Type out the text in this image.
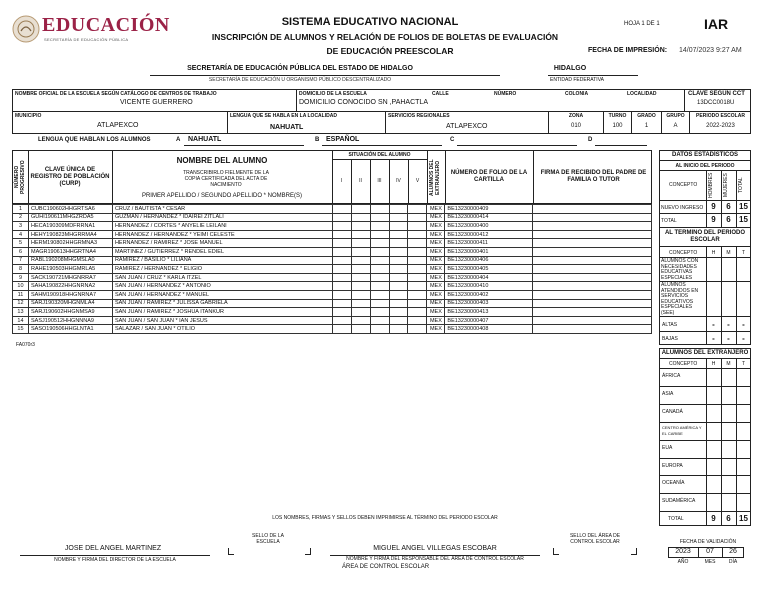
EDUCACIÓN
SECRETARÍA DE EDUCACIÓN PÚBLICA
SISTEMA EDUCATIVO NACIONAL
INSCRIPCIÓN DE ALUMNOS Y RELACIÓN DE FOLIOS DE BOLETAS DE EVALUACIÓN
DE EDUCACIÓN PREESCOLAR
HOJA 1 DE 1	IAR
FECHA DE IMPRESIÓN: 14/07/2023 9:27 AM
SECRETARÍA DE EDUCACIÓN PÚBLICA DEL ESTADO DE HIDALGO
SECRETARÍA DE EDUCACIÓN U ORGANISMO PÚBLICO DESCENTRALIZADO
HIDALGO
ENTIDAD FEDERATIVA
NOMBRE OFICIAL DE LA ESCUELA SEGÚN CATÁLOGO DE CENTROS DE TRABAJO
VICENTE GUERRERO
DOMICILIO DE LA ESCUELA	CALLE	NÚMERO	COLONIA	LOCALIDAD
DOMICILIO CONOCIDO SN ,PAHACTLA
CLAVE SEGÚN CCT
13DCC0018U
MUNICIPIO
ATLAPEXCO
LENGUA QUE SE HABLA EN LA LOCALIDAD
NAHUATL
SERVICIOS REGIONALES
ATLAPEXCO
ZONA
010
TURNO
100
GRADO
1
GRUPO
A
PERIODO ESCOLAR
2022-2023
LENGUA QUE HABLAN LOS ALUMNOS	A NAHUATL	B ESPAÑOL	C	D
NÚMERO PROGRESIVO	CLAVE ÚNICA DE REGISTRO DE POBLACIÓN (CURP)
NOMBRE DEL ALUMNO
TRANSCRIBIRLO FIELMENTE DE LA COPIA CERTIFICADA DEL ACTA DE NACIMIENTO
PRIMER APELLIDO / SEGUNDO APELLIDO * NOMBRE(S)
SITUACIÓN DEL ALUMNO
I	II	III	IV	V	ALUMNOS DEL EXTRANJERO	NÚMERO DE FOLIO DE LA CARTILLA
FIRMA DE RECIBIDO DEL PADRE DE FAMILIA O TUTOR
1	CUBC190602HHGRTSA6	CRUZ / BAUTISTA * CESAR						MEX	BE13230000409	
2	GUHI190611MHGZRDA5	GUZMAN / HERNANDEZ * IDAIREI ZITLALI						MEX	BE13230000414	
3	HECA190309MDFRRNA1	HERNANDEZ / CORTES * ANYELIE LEILANI						MEX	BE13230000400	
4	HEHY190823MHGRRMA4	HERNANDEZ / HERNANDEZ * YEIMI CELESTE						MEX	BE13230000412	
5	HERM190802HHGRMNA3	HERNANDEZ / RAMIREZ * JOSE MANUEL						MEX	BE13230000411	
6	MAGR190613HHGRTNA4	MARTINEZ / GUTIERREZ * RENDEL EDIEL						MEX	BE13230000401	
7	RABL190208MHGMSLA0	RAMIREZ / BASILIO * LILIANA						MEX	BE13230000406	
8	RAHE190503HHGMRLA5	RAMIREZ / HERNANDEZ * ELIGIO						MEX	BE13230000405	
9	SACK190721MHGNRRA7	SAN JUAN / CRUZ * KARLA ITZEL						MEX	BE13230000404	
10	SAHA190822HHGNRNA2	SAN JUAN / HERNANDEZ * ANTONIO						MEX	BE13230000410	
11	SAHM190918HHGNRNA7	SAN JUAN / HERNANDEZ * MANUEL						MEX	BE13230000402	
12	SARJ190320MHGNMLA4	SAN JUAN / RAMIREZ * JULISSA GABRIELA						MEX	BE13230000403	
13	SARJ190602HHGNMSA9	SAN JUAN / RAMIREZ * JOSHUA ITANKUR						MEX	BE13230000413	
14	SASJ190512HHGNNNA9	SAN JUAN / SAN JUAN * IAN JESUS						MEX	BE13230000407	
15	SASO190506HHGLNTA1	SALAZAR / SAN JUAN * OTILIO						MEX	BE13230000408	
FA070r3
DATOS ESTADÍSTICOS
AL INICIO DEL PERIODO
CONCEPTO HOMBRES	MUJERES	TOTAL
NUEVO INGRESO	9	6	15
TOTAL	9	6	15
AL TERMINO DEL PERIODO ESCOLAR
CONCEPTO	H	M	T
ALUMNOS CON NECESIDADES EDUCATIVAS ESPECIALES
ALUMNOS ATENDIDOS EN SERVICIOS EDUCATIVOS ESPECIALES (SEE)
ALTAS	-	-	-
BAJAS	-	-	-
ALUMNOS DEL EXTRANJERO
CONCEPTO	H	M	T
ÁFRICA
ASIA
CANADÁ
CENTRO AMÉRICA Y EL CARIBE
EUA
EUROPA
OCEANÍA
SUDAMÉRICA
TOTAL	9	6	15
LOS NOMBRES, FIRMAS Y SELLOS DEBEN IMPRIMIRSE AL TÉRMINO DEL PERIODO ESCOLAR
SELLO DE LA ESCUELA
SELLO DEL ÁREA DE CONTROL ESCOLAR
JOSE DEL ANGEL MARTINEZ
NOMBRE Y FIRMA DEL DIRECTOR DE LA ESCUELA
MIGUEL ANGEL VILLEGAS ESCOBAR
NOMBRE Y FIRMA DEL RESPONSABLE DEL ÁREA DE CONTROL ESCOLAR
ÁREA DE CONTROL ESCOLAR
FECHA DE VALIDACIÓN
2023	07	26
AÑO	MES	DÍA
